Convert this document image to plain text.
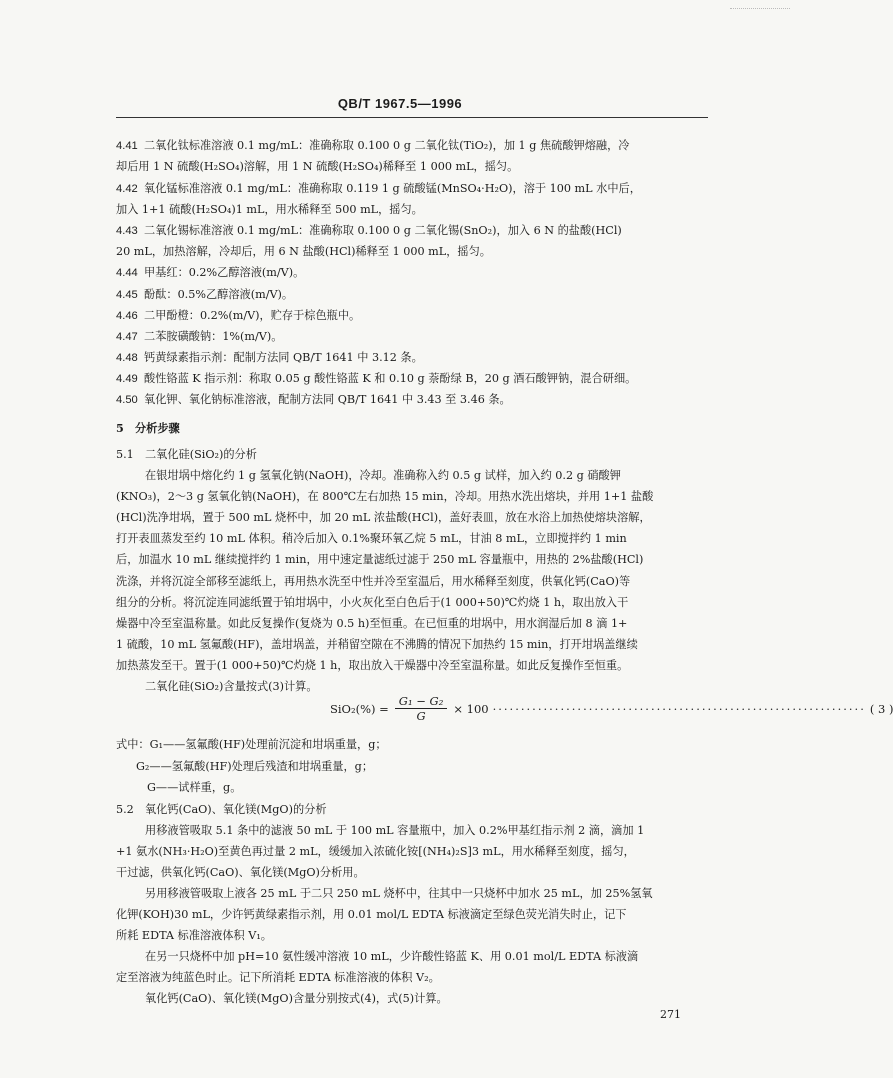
QB/T 1967.5—1996
4.41 二氧化钛标准溶液 0.1 mg/mL：准确称取 0.100 0 g 二氧化钛(TiO₂)，加 1 g 焦硫酸钾熔融，冷
却后用 1 N 硫酸(H₂SO₄)溶解，用 1 N 硫酸(H₂SO₄)稀释至 1 000 mL，摇匀。
4.42 氧化锰标准溶液 0.1 mg/mL：准确称取 0.119 1 g 硫酸锰(MnSO₄·H₂O)，溶于 100 mL 水中后，
加入 1+1 硫酸(H₂SO₄)1 mL，用水稀释至 500 mL，摇匀。
4.43 二氧化锡标准溶液 0.1 mg/mL：准确称取 0.100 0 g 二氧化锡(SnO₂)，加入 6 N 的盐酸(HCl)
20 mL，加热溶解，冷却后，用 6 N 盐酸(HCl)稀释至 1 000 mL，摇匀。
4.44 甲基红：0.2%乙醇溶液(m/V)。
4.45 酚酞：0.5%乙醇溶液(m/V)。
4.46 二甲酚橙：0.2%(m/V)，贮存于棕色瓶中。
4.47 二苯胺磺酸钠：1%(m/V)。
4.48 钙黄绿素指示剂：配制方法同 QB/T 1641 中 3.12 条。
4.49 酸性铬蓝 K 指示剂：称取 0.05 g 酸性铬蓝 K 和 0.10 g 萘酚绿 B，20 g 酒石酸钾钠，混合研细。
4.50 氧化钾、氧化钠标准溶液，配制方法同 QB/T 1641 中 3.43 至 3.46 条。
5　分析步骤
5.1　二氧化硅(SiO₂)的分析
在银坩埚中熔化约 1 g 氢氧化钠(NaOH)，冷却。准确称入约 0.5 g 试样，加入约 0.2 g 硝酸钾
(KNO₃)，2～3 g 氢氧化钠(NaOH)，在 800℃左右加热 15 min，冷却。用热水洗出熔块，并用 1+1 盐酸
(HCl)洗净坩埚，置于 500 mL 烧杯中，加 20 mL 浓盐酸(HCl)，盖好表皿，放在水浴上加热使熔块溶解，
打开表皿蒸发至约 10 mL 体积。稍冷后加入 0.1%聚环氧乙烷 5 mL，甘油 8 mL，立即搅拌约 1 min
后，加温水 10 mL 继续搅拌约 1 min，用中速定量滤纸过滤于 250 mL 容量瓶中，用热的 2%盐酸(HCl)
洗涤，并将沉淀全部移至滤纸上，再用热水洗至中性并冷至室温后，用水稀释至刻度，供氧化钙(CaO)等
组分的分析。将沉淀连同滤纸置于铂坩埚中，小火灰化至白色后于(1 000+50)℃灼烧 1 h，取出放入干
燥器中冷至室温称量。如此反复操作(复烧为 0.5 h)至恒重。在已恒重的坩埚中，用水润湿后加 8 滴 1+
1 硫酸，10 mL 氢氟酸(HF)，盖坩埚盖，并稍留空隙在不沸腾的情况下加热约 15 min，打开坩埚盖继续
加热蒸发至干。置于(1 000+50)℃灼烧 1 h，取出放入干燥器中冷至室温称量。如此反复操作至恒重。
二氧化硅(SiO₂)含量按式(3)计算。
$SiO_2(\%) = \frac{\text{G₁ − G₂}}{G} \times 100$ ·································································· ( 3 )
式中：G₁——氢氟酸(HF)处理前沉淀和坩埚重量，g；
G₂——氢氟酸(HF)处理后残渣和坩埚重量，g；
G——试样重，g。
5.2　氧化钙(CaO)、氧化镁(MgO)的分析
用移液管吸取 5.1 条中的滤液 50 mL 于 100 mL 容量瓶中，加入 0.2%甲基红指示剂 2 滴，滴加 1
+1 氨水(NH₃·H₂O)至黄色再过量 2 mL，缓缓加入浓硫化铵[(NH₄)₂S]3 mL，用水稀释至刻度，摇匀，
干过滤，供氧化钙(CaO)、氧化镁(MgO)分析用。
另用移液管吸取上液各 25 mL 于二只 250 mL 烧杯中，往其中一只烧杯中加水 25 mL，加 25%氢氧
化钾(KOH)30 mL，少许钙黄绿素指示剂，用 0.01 mol/L EDTA 标液滴定至绿色荧光消失时止，记下
所耗 EDTA 标准溶液体积 V₁。
在另一只烧杯中加 pH=10 氨性缓冲溶液 10 mL，少许酸性铬蓝 K、用 0.01 mol/L EDTA 标液滴
定至溶液为纯蓝色时止。记下所消耗 EDTA 标准溶液的体积 V₂。
氧化钙(CaO)、氧化镁(MgO)含量分别按式(4)，式(5)计算。
271
